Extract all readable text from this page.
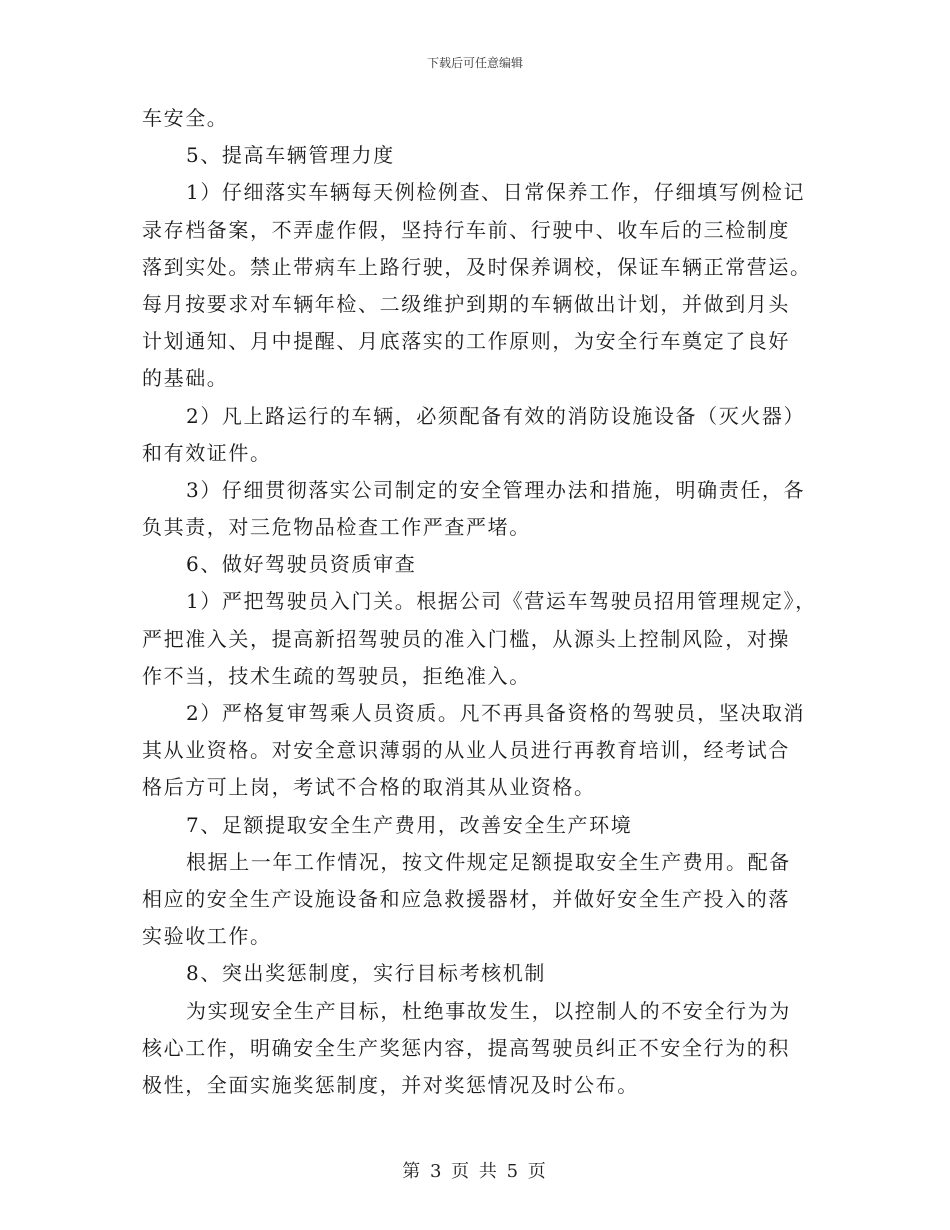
下载后可任意编辑
车安全。
5、提高车辆管理力度
1）仔细落实车辆每天例检例查、日常保养工作，仔细填写例检记
录存档备案，不弄虚作假，坚持行车前、行驶中、收车后的三检制度
落到实处。禁止带病车上路行驶，及时保养调校，保证车辆正常营运。
每月按要求对车辆年检、二级维护到期的车辆做出计划，并做到月头
计划通知、月中提醒、月底落实的工作原则，为安全行车奠定了良好
的基础。
2）凡上路运行的车辆，必须配备有效的消防设施设备（灭火器）
和有效证件。
3）仔细贯彻落实公司制定的安全管理办法和措施，明确责任，各
负其责，对三危物品检查工作严查严堵。
6、做好驾驶员资质审查
1）严把驾驶员入门关。根据公司《营运车驾驶员招用管理规定》，
严把准入关，提高新招驾驶员的准入门槛，从源头上控制风险，对操
作不当，技术生疏的驾驶员，拒绝准入。
2）严格复审驾乘人员资质。凡不再具备资格的驾驶员，坚决取消
其从业资格。对安全意识薄弱的从业人员进行再教育培训，经考试合
格后方可上岗，考试不合格的取消其从业资格。
7、足额提取安全生产费用，改善安全生产环境
根据上一年工作情况，按文件规定足额提取安全生产费用。配备
相应的安全生产设施设备和应急救援器材，并做好安全生产投入的落
实验收工作。
8、突出奖惩制度，实行目标考核机制
为实现安全生产目标，杜绝事故发生，以控制人的不安全行为为
核心工作，明确安全生产奖惩内容，提高驾驶员纠正不安全行为的积
极性，全面实施奖惩制度，并对奖惩情况及时公布。
第 3 页 共 5 页
